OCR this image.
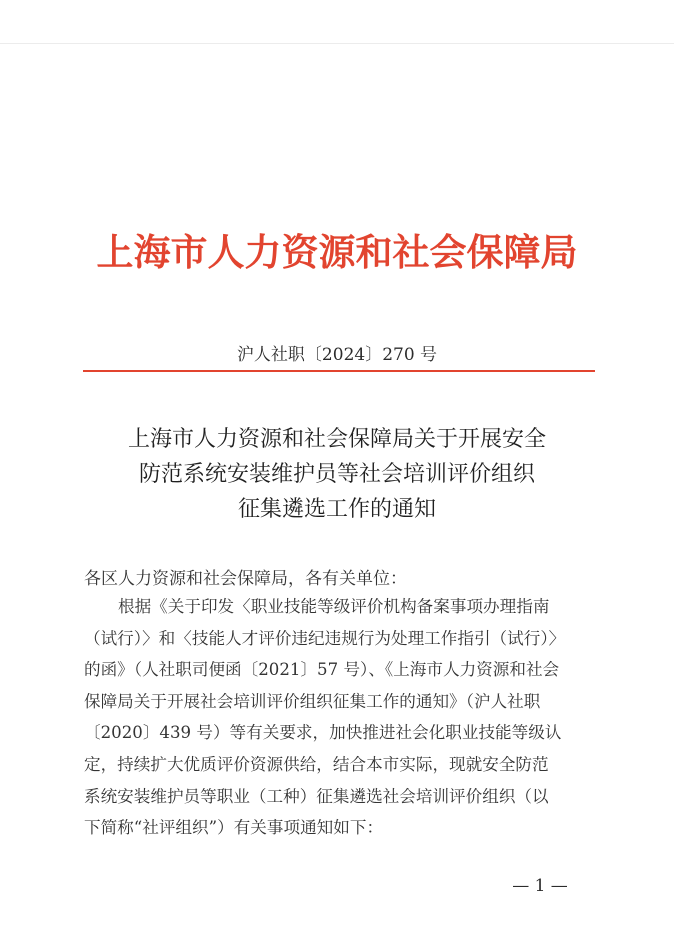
上海市人力资源和社会保障局
沪人社职〔2024〕270 号
上海市人力资源和社会保障局关于开展安全
防范系统安装维护员等社会培训评价组织
征集遴选工作的通知
各区人力资源和社会保障局，各有关单位：
根据《关于印发〈职业技能等级评价机构备案事项办理指南
（试行）〉和〈技能人才评价违纪违规行为处理工作指引（试行）〉
的函》（人社职司便函〔2021〕57 号）、《上海市人力资源和社会
保障局关于开展社会培训评价组织征集工作的通知》（沪人社职
〔2020〕439 号）等有关要求，加快推进社会化职业技能等级认
定，持续扩大优质评价资源供给，结合本市实际，现就安全防范
系统安装维护员等职业（工种）征集遴选社会培训评价组织（以
下简称“社评组织”）有关事项通知如下：
— 1 —
